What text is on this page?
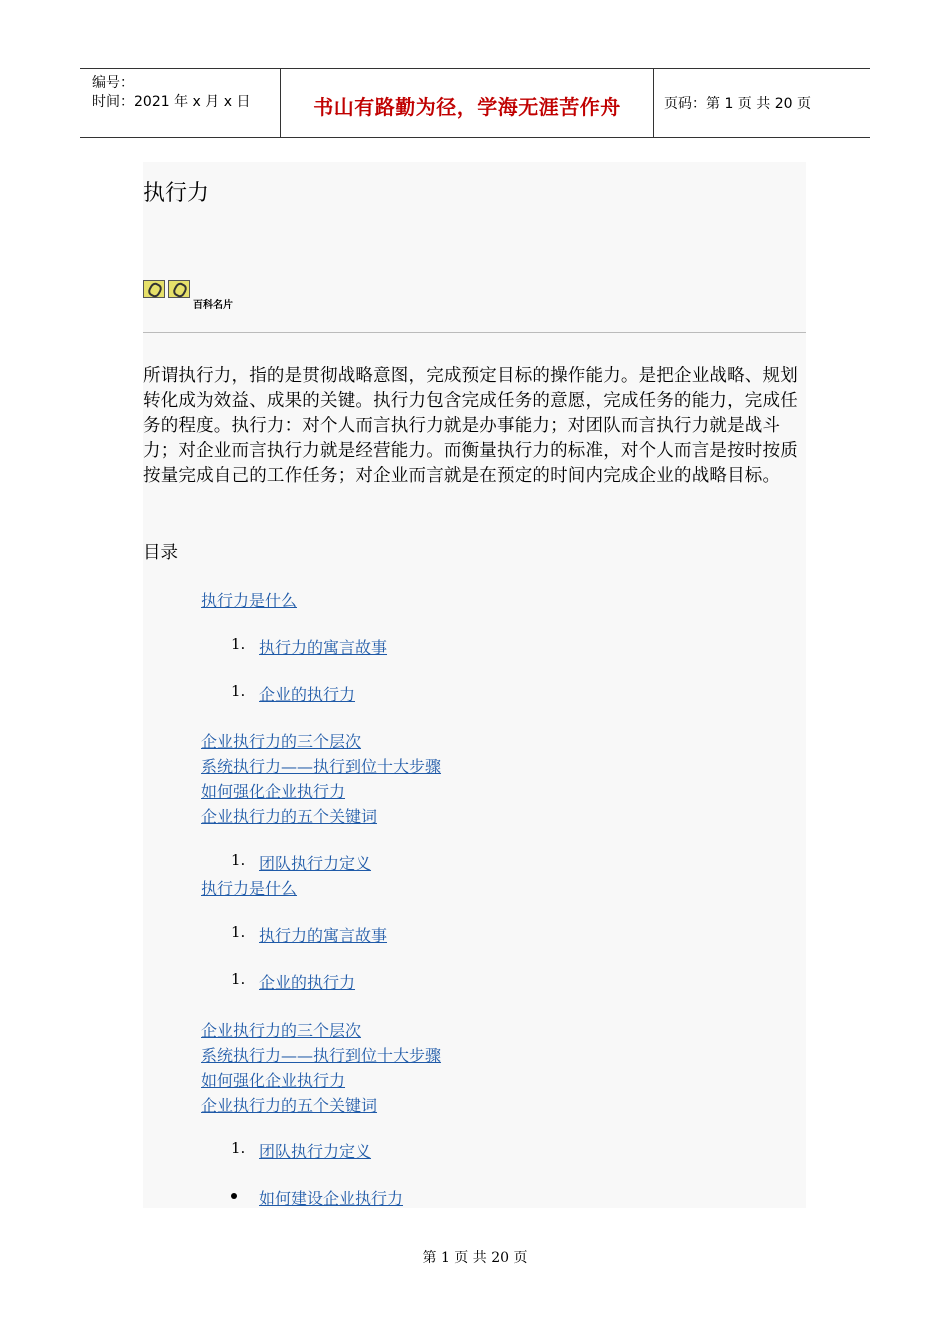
编号：
时间：2021 年 x 月 x 日	书山有路勤为径，学海无涯苦作舟	页码：第 1 页 共 20 页
执行力
百科名片
所谓执行力，指的是贯彻战略意图，完成预定目标的操作能力。是把企业战略、规划转化成为效益、成果的关键。执行力包含完成任务的意愿，完成任务的能力，完成任务的程度。执行力：对个人而言执行力就是办事能力；对团队而言执行力就是战斗力；对企业而言执行力就是经营能力。而衡量执行力的标准，对个人而言是按时按质按量完成自己的工作任务；对企业而言就是在预定的时间内完成企业的战略目标。
目录
执行力是什么
1. 执行力的寓言故事
1. 企业的执行力
企业执行力的三个层次
系统执行力——执行到位十大步骤
如何强化企业执行力
企业执行力的五个关键词
1. 团队执行力定义
执行力是什么
1. 执行力的寓言故事
1. 企业的执行力
企业执行力的三个层次
系统执行力——执行到位十大步骤
如何强化企业执行力
企业执行力的五个关键词
1. 团队执行力定义
如何建设企业执行力
第 1 页 共 20 页
